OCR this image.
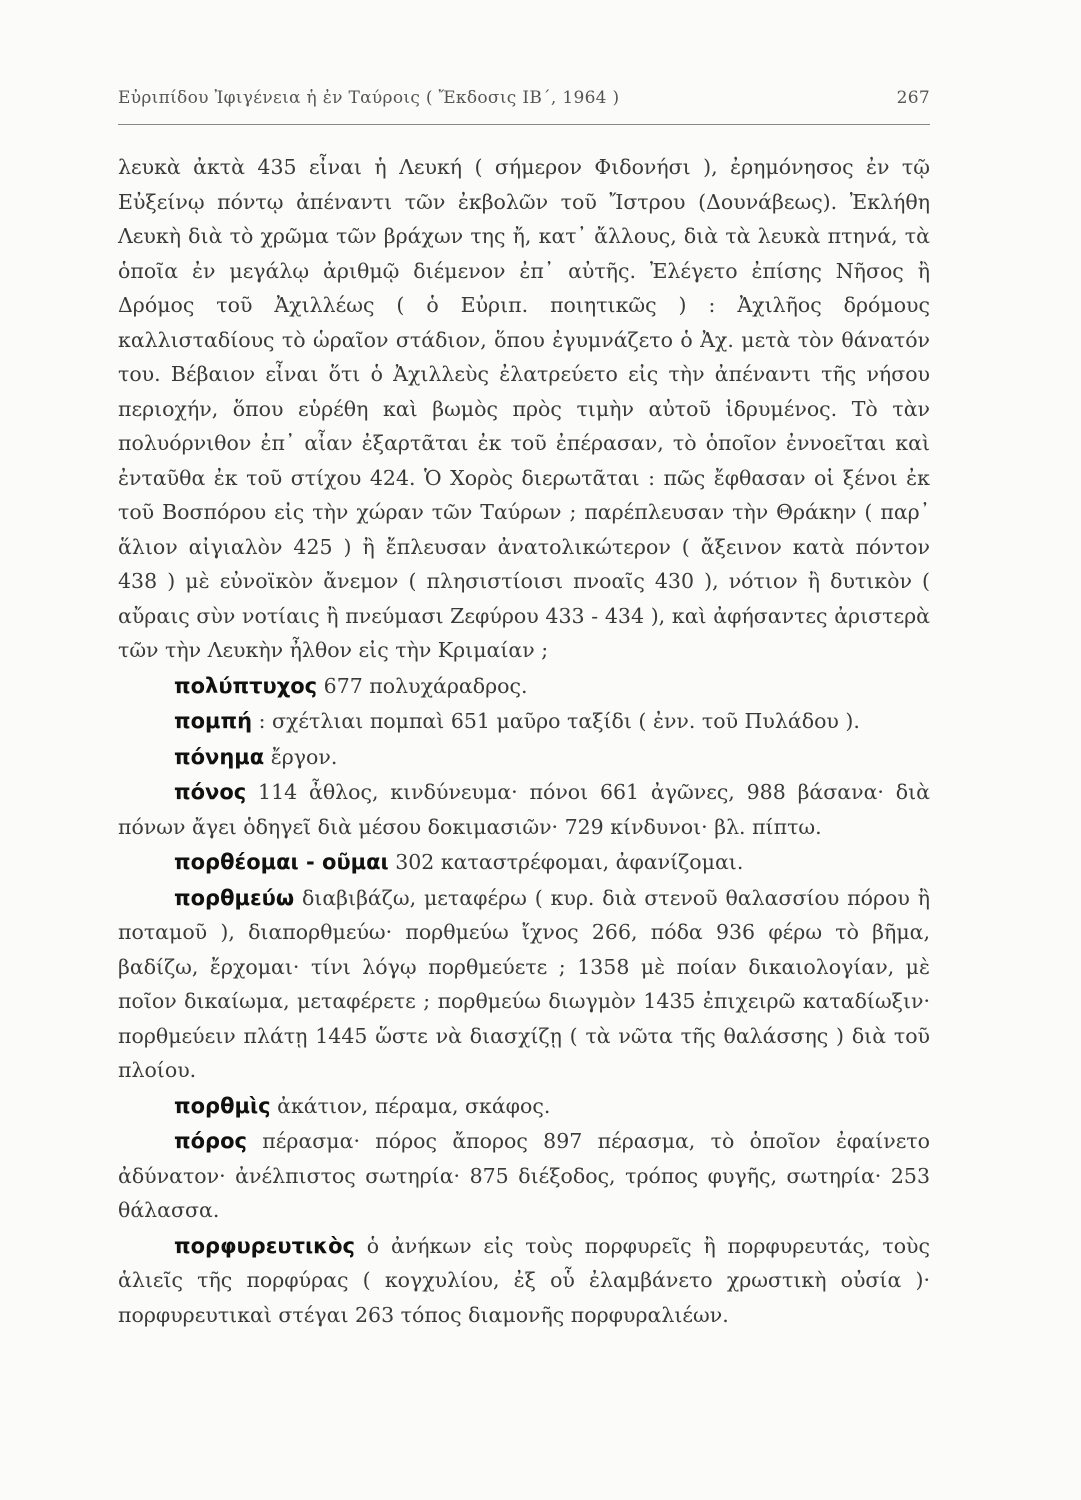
Εὐριπίδου Ἰφιγένεια ἡ ἐν Ταύροις ( Ἔκδοσις ΙΒ΄, 1964 )	267

λευκὰ ἀκτὰ 435 εἶναι ἡ Λευκή ( σήμερον Φιδονήσι ), ἐρημόνησος ἐν τῷ Εὐξείνῳ πόντῳ ἀπέναντι τῶν ἐκβολῶν τοῦ Ἴστρου (Δουνάβεως). Ἐκλήθη Λευκὴ διὰ τὸ χρῶμα τῶν βράχων της ἤ, κατ᾽ ἄλλους, διὰ τὰ λευκὰ πτηνά, τὰ ὁποῖα ἐν μεγάλῳ ἀριθμῷ διέμενον ἐπ᾽ αὐτῆς. Ἐλέγετο ἐπίσης Νῆσος ἢ Δρόμος τοῦ Ἀχιλλέως ( ὁ Εὐριπ. ποιητικῶς ) : Ἀχιλῆος δρόμους καλλισταδίους τὸ ὡραῖον στάδιον, ὅπου ἐγυμνάζετο ὁ Ἀχ. μετὰ τὸν θάνατόν του. Βέβαιον εἶναι ὅτι ὁ Ἀχιλλεὺς ἐλατρεύετο εἰς τὴν ἀπέναντι τῆς νήσου περιοχήν, ὅπου εὑρέθη καὶ βωμὸς πρὸς τιμὴν αὐτοῦ ἱδρυμένος. Τὸ τὰν πολυόρνιθον ἐπ᾽ αἶαν ἐξαρτᾶται ἐκ τοῦ ἐπέρασαν, τὸ ὁποῖον ἐννοεῖται καὶ ἐνταῦθα ἐκ τοῦ στίχου 424. Ὁ Χορὸς διερωτᾶται : πῶς ἔφθασαν οἱ ξένοι ἐκ τοῦ Βοσπόρου εἰς τὴν χώραν τῶν Ταύρων ; παρέπλευσαν τὴν Θράκην ( παρ᾽ ἅλιον αἰγιαλὸν 425 ) ἢ ἔπλευσαν ἀνατολικώτερον ( ἄξεινον κατὰ πόντον 438 ) μὲ εὐνοϊκὸν ἄνεμον ( πλησιστίοισι πνοαῖς 430 ), νότιον ἢ δυτικὸν ( αὔραις σὺν νοτίαις ἢ πνεύμασι Ζεφύρου 433 - 434 ), καὶ ἀφήσαντες ἀριστερὰ τῶν τὴν Λευκὴν ἦλθον εἰς τὴν Κριμαίαν ;

πολύπτυχος 677 πολυχάραδρος.

πομπή : σχέτλιαι πομπαὶ 651 μαῦρο ταξίδι ( ἐνν. τοῦ Πυλάδου ).

πόνημα ἔργον.

πόνος 114 ἆθλος, κινδύνευμα· πόνοι 661 ἀγῶνες, 988 βάσανα· διὰ πόνων ἄγει ὁδηγεῖ διὰ μέσου δοκιμασιῶν· 729 κίνδυνοι· βλ. πίπτω.

πορθέομαι - οῦμαι 302 καταστρέφομαι, ἀφανίζομαι.

πορθμεύω διαβιβάζω, μεταφέρω ( κυρ. διὰ στενοῦ θαλασσίου πόρου ἢ ποταμοῦ ), διαπορθμεύω· πορθμεύω ἴχνος 266, πόδα 936 φέρω τὸ βῆμα, βαδίζω, ἔρχομαι· τίνι λόγῳ πορθμεύετε ; 1358 μὲ ποίαν δικαιολογίαν, μὲ ποῖον δικαίωμα, μεταφέρετε ; πορθμεύω διωγμὸν 1435 ἐπιχειρῶ καταδίωξιν· πορθμεύειν πλάτῃ 1445 ὥστε νὰ διασχίζῃ ( τὰ νῶτα τῆς θαλάσσης ) διὰ τοῦ πλοίου.

πορθμὶς ἀκάτιον, πέραμα, σκάφος.

πόρος πέρασμα· πόρος ἄπορος 897 πέρασμα, τὸ ὁποῖον ἐφαίνετο ἀδύνατον· ἀνέλπιστος σωτηρία· 875 διέξοδος, τρόπος φυγῆς, σωτηρία· 253 θάλασσα.

πορφυρευτικὸς ὁ ἀνήκων εἰς τοὺς πορφυρεῖς ἢ πορφυρευτάς, τοὺς ἁλιεῖς τῆς πορφύρας ( κογχυλίου, ἐξ οὗ ἐλαμβάνετο χρωστικὴ οὐσία )· πορφυρευτικαὶ στέγαι 263 τόπος διαμονῆς πορφυραλιέων.
